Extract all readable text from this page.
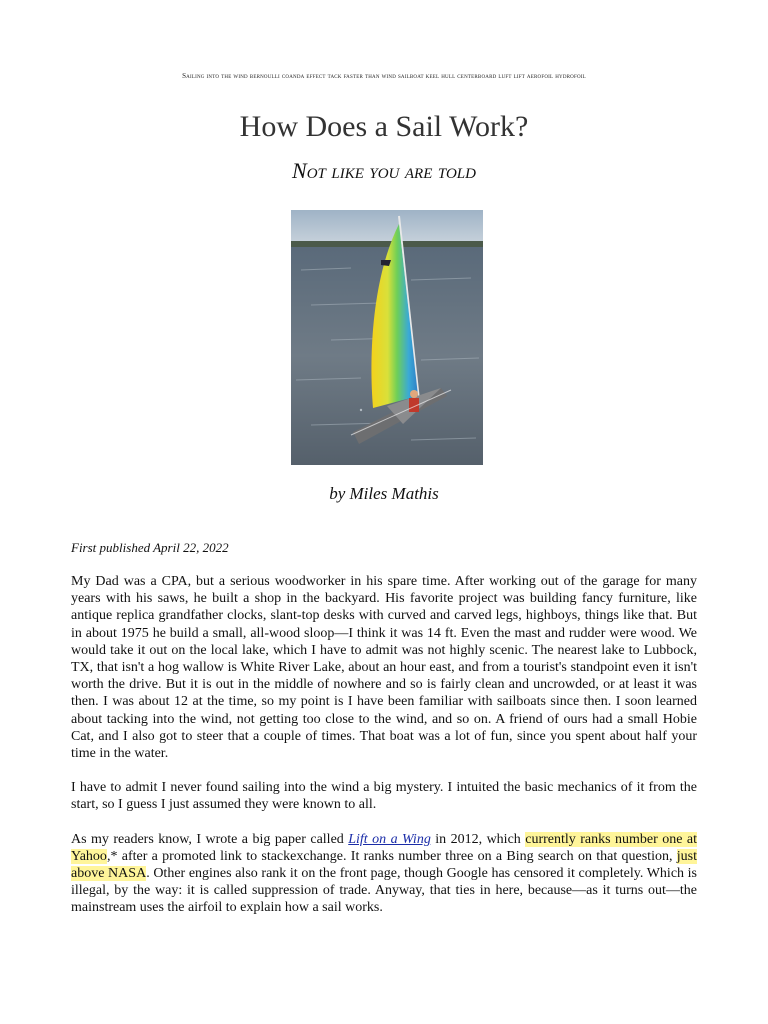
Sailing into the wind bernoulli coanda effect tack faster than wind sailboat keel hull centerboard luft lift aerofoil hydrofoil
How Does a Sail Work?
Not like you are told
by Miles Mathis
First published April 22, 2022

My Dad was a CPA, but a serious woodworker in his spare time. After working out of the garage for many years with his saws, he built a shop in the backyard. His favorite project was building fancy furniture, like antique replica grandfather clocks, slant-top desks with curved and carved legs, highboys, things like that. But in about 1975 he build a small, all-wood sloop—I think it was 14 ft. Even the mast and rudder were wood. We would take it out on the local lake, which I have to admit was not highly scenic. The nearest lake to Lubbock, TX, that isn't a hog wallow is White River Lake, about an hour east, and from a tourist's standpoint even it isn't worth the drive. But it is out in the middle of nowhere and so is fairly clean and uncrowded, or at least it was then. I was about 12 at the time, so my point is I have been familiar with sailboats since then. I soon learned about tacking into the wind, not getting too close to the wind, and so on. A friend of ours had a small Hobie Cat, and I also got to steer that a couple of times. That boat was a lot of fun, since you spent about half your time in the water.

I have to admit I never found sailing into the wind a big mystery. I intuited the basic mechanics of it from the start, so I guess I just assumed they were known to all.

As my readers know, I wrote a big paper called Lift on a Wing in 2012, which currently ranks number one at Yahoo,* after a promoted link to stackexchange. It ranks number three on a Bing search on that question, just above NASA. Other engines also rank it on the front page, though Google has censored it completely. Which is illegal, by the way: it is called suppression of trade. Anyway, that ties in here, because—as it turns out—the mainstream uses the airfoil to explain how a sail works.
